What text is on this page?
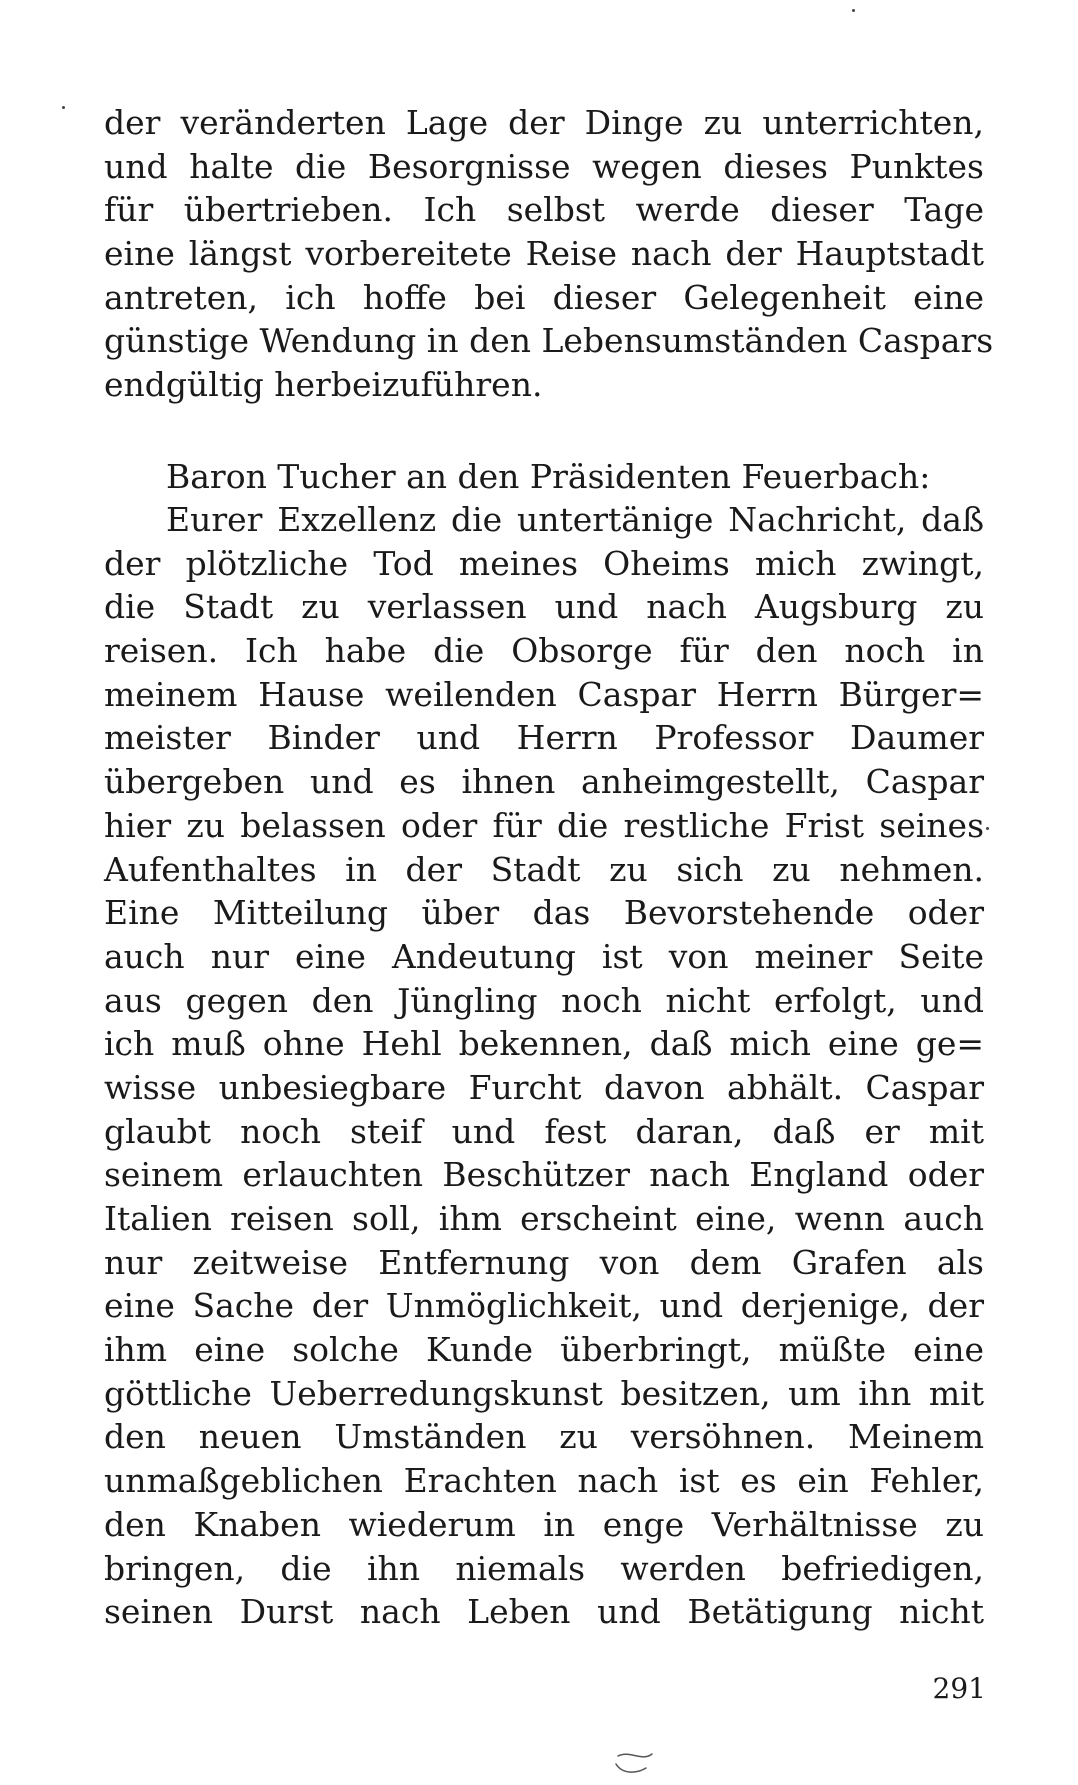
der veränderten Lage der Dinge zu unterrichten,
und halte die Besorgnisse wegen dieses Punktes
für übertrieben. Ich selbst werde dieser Tage
eine längst vorbereitete Reise nach der Hauptstadt
antreten, ich hoffe bei dieser Gelegenheit eine
günstige Wendung in den Lebensumständen Caspars
endgültig herbeizuführen.
Baron Tucher an den Präsidenten Feuerbach:
Eurer Exzellenz die untertänige Nachricht, daß
der plötzliche Tod meines Oheims mich zwingt,
die Stadt zu verlassen und nach Augsburg zu
reisen. Ich habe die Obsorge für den noch in
meinem Hause weilenden Caspar Herrn Bürger=
meister Binder und Herrn Professor Daumer
übergeben und es ihnen anheimgestellt, Caspar
hier zu belassen oder für die restliche Frist seines
Aufenthaltes in der Stadt zu sich zu nehmen.
Eine Mitteilung über das Bevorstehende oder
auch nur eine Andeutung ist von meiner Seite
aus gegen den Jüngling noch nicht erfolgt, und
ich muß ohne Hehl bekennen, daß mich eine ge=
wisse unbesiegbare Furcht davon abhält. Caspar
glaubt noch steif und fest daran, daß er mit
seinem erlauchten Beschützer nach England oder
Italien reisen soll, ihm erscheint eine, wenn auch
nur zeitweise Entfernung von dem Grafen als
eine Sache der Unmöglichkeit, und derjenige, der
ihm eine solche Kunde überbringt, müßte eine
göttliche Ueberredungskunst besitzen, um ihn mit
den neuen Umständen zu versöhnen. Meinem
unmaßgeblichen Erachten nach ist es ein Fehler,
den Knaben wiederum in enge Verhältnisse zu
bringen, die ihn niemals werden befriedigen,
seinen Durst nach Leben und Betätigung nicht
291
